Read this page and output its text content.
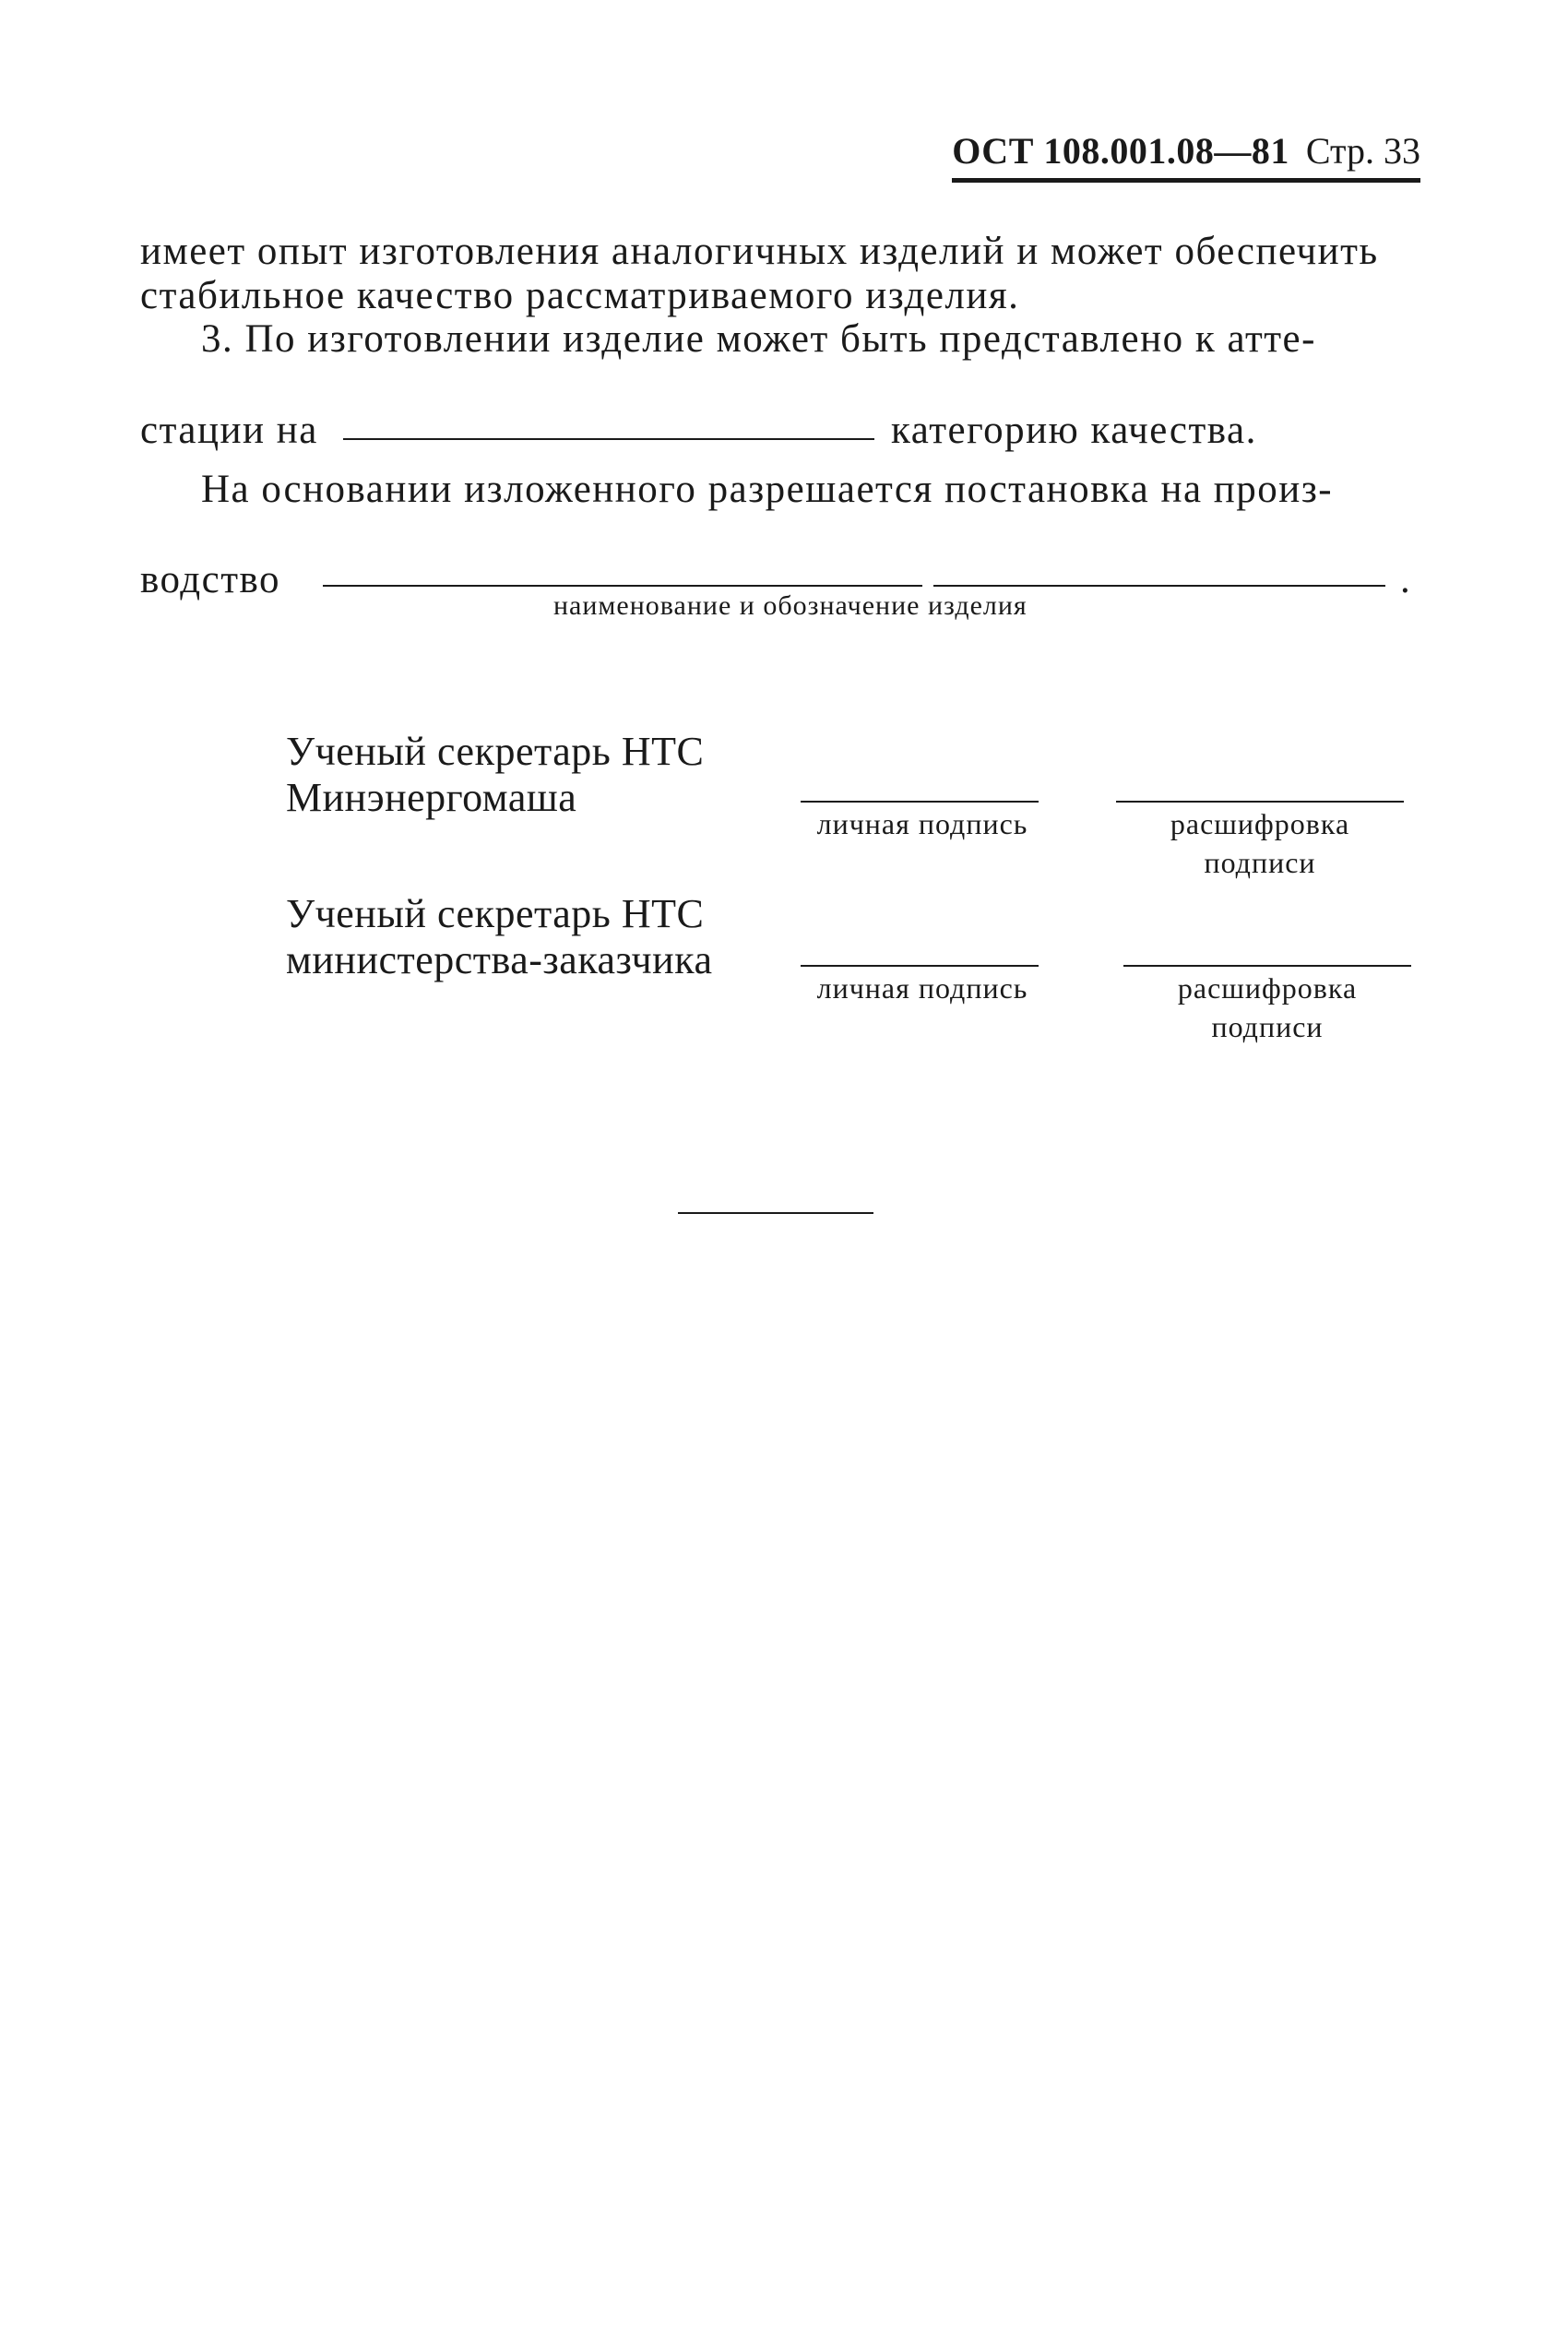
ОСТ 108.001.08—81 Стр. 33
имеет опыт изготовления аналогичных изделий и может обеспечить
стабильное качество рассматриваемого изделия.
3. По изготовлении изделие может быть представлено к атте-
стации на	категорию качества.
На основании изложенного разрешается постановка на произ-
водство	.
наименование и обозначение изделия
Ученый секретарь НТС
Минэнергомаша
личная подпись	расшифровка
подписи
Ученый секретарь НТС
министерства-заказчика
личная подпись	расшифровка
подписи
